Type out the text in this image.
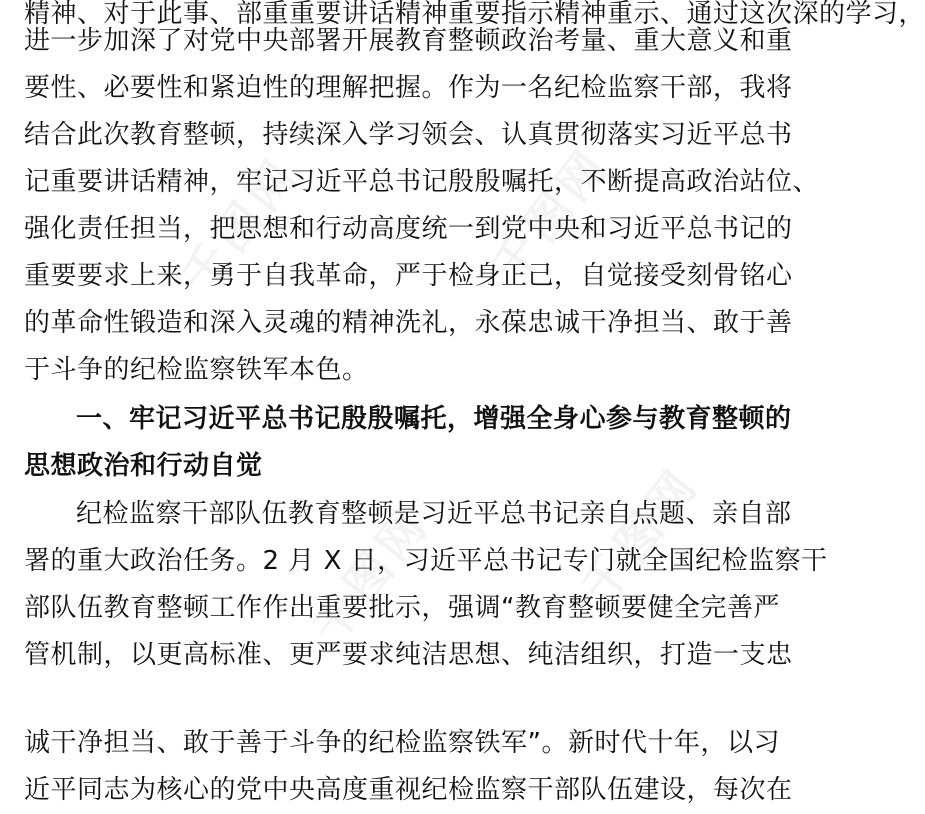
千图网	千图网
千图网	千图网
精神、对于此事、部重重要讲话精神重要指示精神重示、通过这次深的学习，
进一步加深了对党中央部署开展教育整顿政治考量、重大意义和重
要性、必要性和紧迫性的理解把握。作为一名纪检监察干部，我将
结合此次教育整顿，持续深入学习领会、认真贯彻落实习近平总书
记重要讲话精神，牢记习近平总书记殷殷嘱托，不断提高政治站位、
强化责任担当，把思想和行动高度统一到党中央和习近平总书记的
重要要求上来，勇于自我革命，严于检身正己，自觉接受刻骨铭心
的革命性锻造和深入灵魂的精神洗礼，永葆忠诚干净担当、敢于善
于斗争的纪检监察铁军本色。
一、牢记习近平总书记殷殷嘱托，增强全身心参与教育整顿的
思想政治和行动自觉
纪检监察干部队伍教育整顿是习近平总书记亲自点题、亲自部
署的重大政治任务。2 月 X 日，习近平总书记专门就全国纪检监察干
部队伍教育整顿工作作出重要批示，强调“教育整顿要健全完善严
管机制，以更高标准、更严要求纯洁思想、纯洁组织，打造一支忠
诚干净担当、敢于善于斗争的纪检监察铁军”。新时代十年，以习
近平同志为核心的党中央高度重视纪检监察干部队伍建设，每次在
